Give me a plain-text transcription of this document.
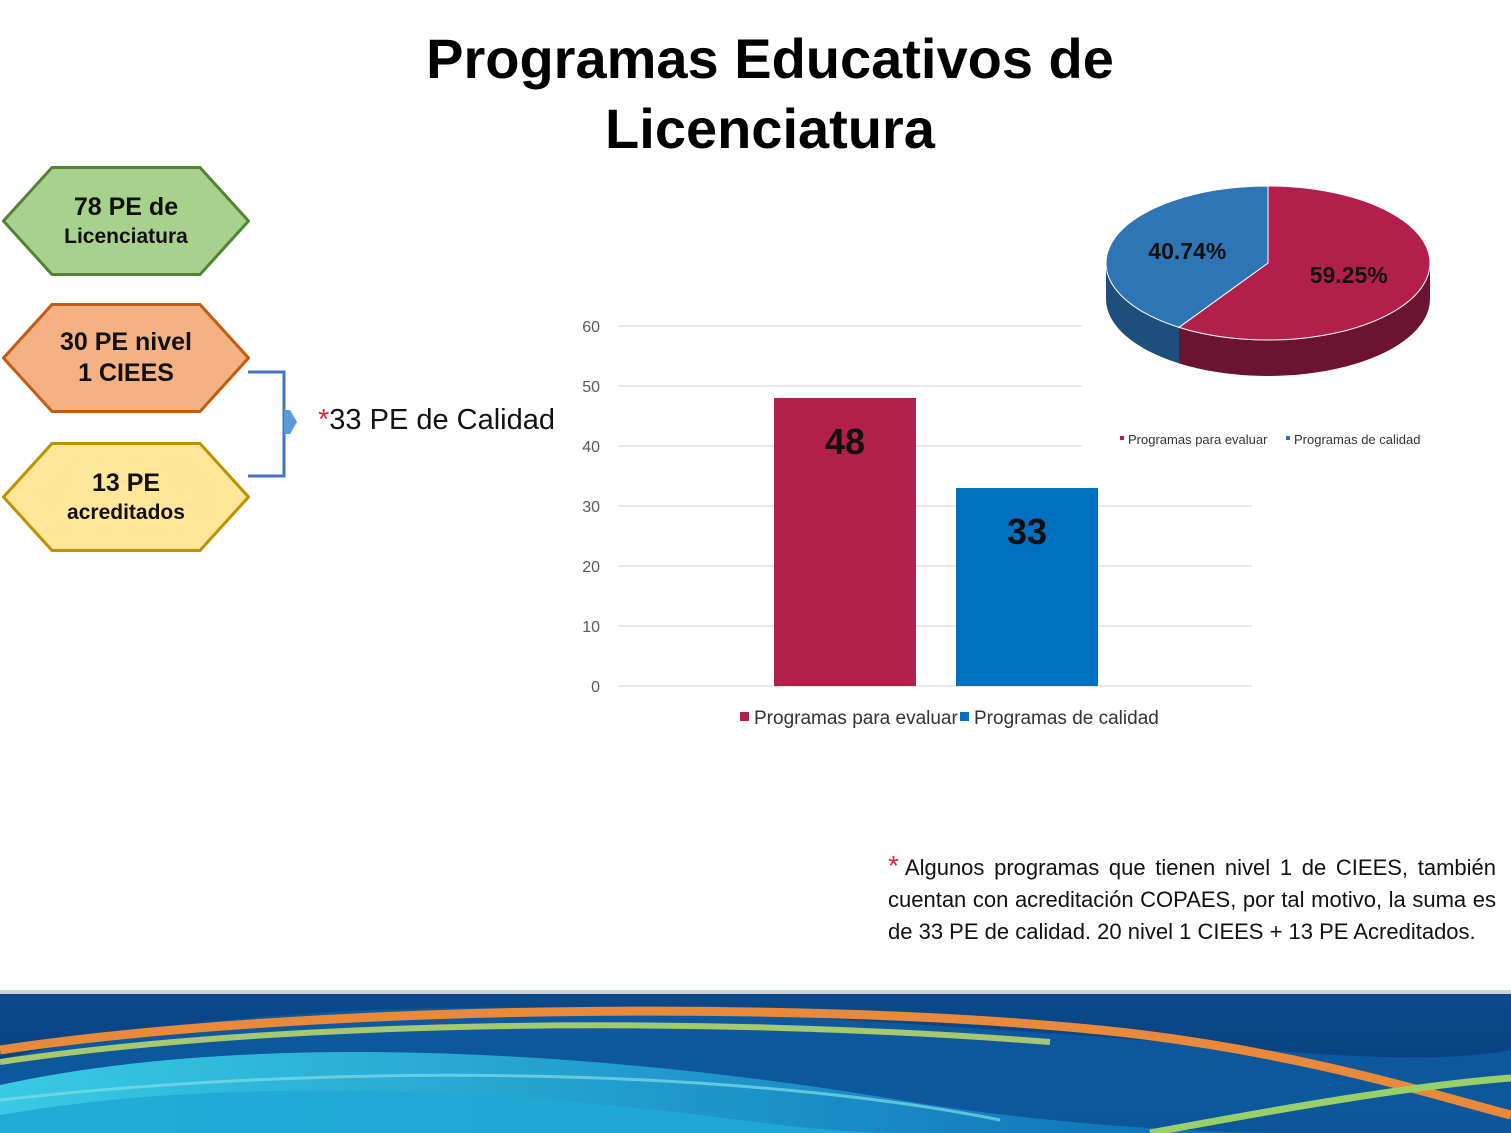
Programas Educativos de
Licenciatura
78 PE de
Licenciatura
30 PE nivel
1 CIEES
13 PE
acreditados
*33 PE de Calidad
0
10
20
30
40
50
60
48
33
Programas para evaluar Programas de calidad
59.25%
40.74%
Programas para evaluar Programas de calidad
* Algunos programas que tienen nivel 1 de CIEES, también cuentan con acreditación COPAES, por tal motivo, la suma es de 33 PE de calidad. 20 nivel 1 CIEES + 13 PE Acreditados.
